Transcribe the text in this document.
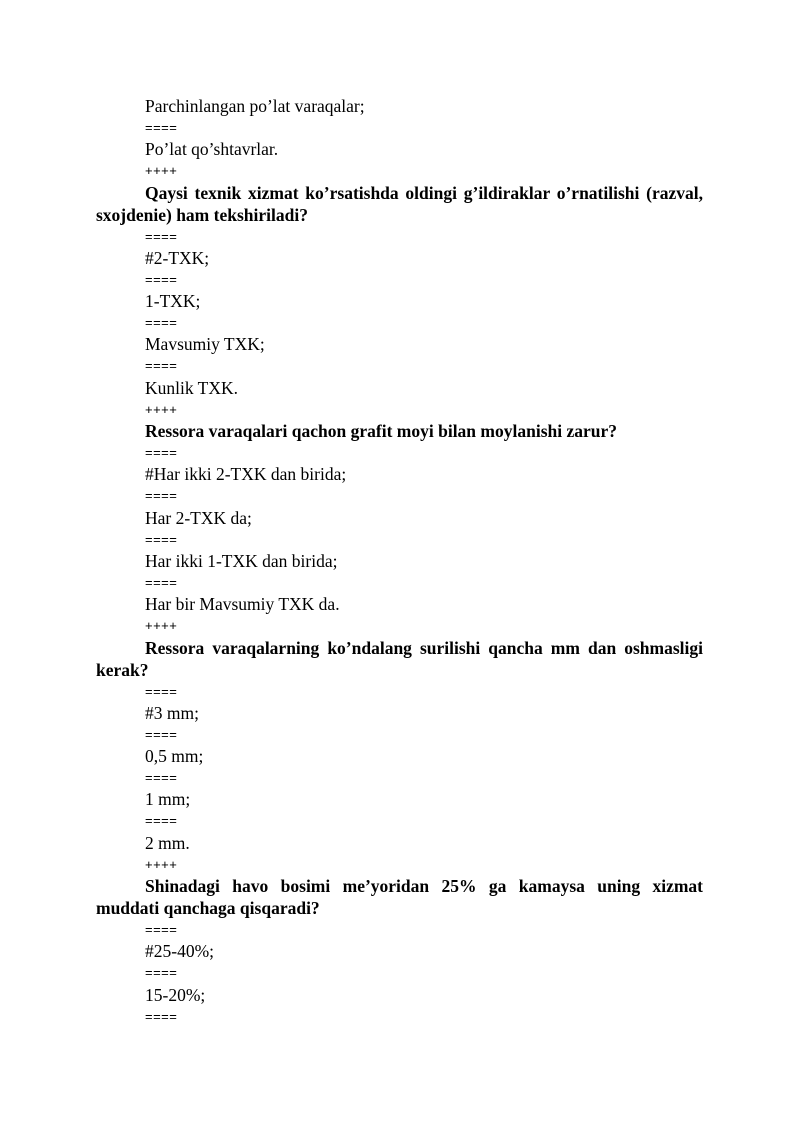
Parchinlangan po’lat varaqalar;
====
Po’lat qo’shtavrlar.
++++
Qaysi texnik xizmat ko’rsatishda oldingi g’ildiraklar o’rnatilishi (razval, sxojdenie) ham tekshiriladi?
====
#2-TXK;
====
1-TXK;
====
Mavsumiy TXK;
====
Kunlik TXK.
++++
Ressora varaqalari qachon grafit moyi bilan moylanishi zarur?
====
#Har ikki 2-TXK dan birida;
====
Har 2-TXK da;
====
Har ikki 1-TXK dan birida;
====
Har bir Mavsumiy TXK da.
++++
Ressora varaqalarning ko’ndalang surilishi qancha mm dan oshmasligi kerak?
====
#3 mm;
====
0,5 mm;
====
1 mm;
====
2 mm.
++++
Shinadagi havo bosimi me’yoridan 25% ga kamaysa uning xizmat muddati qanchaga qisqaradi?
====
#25-40%;
====
15-20%;
====
